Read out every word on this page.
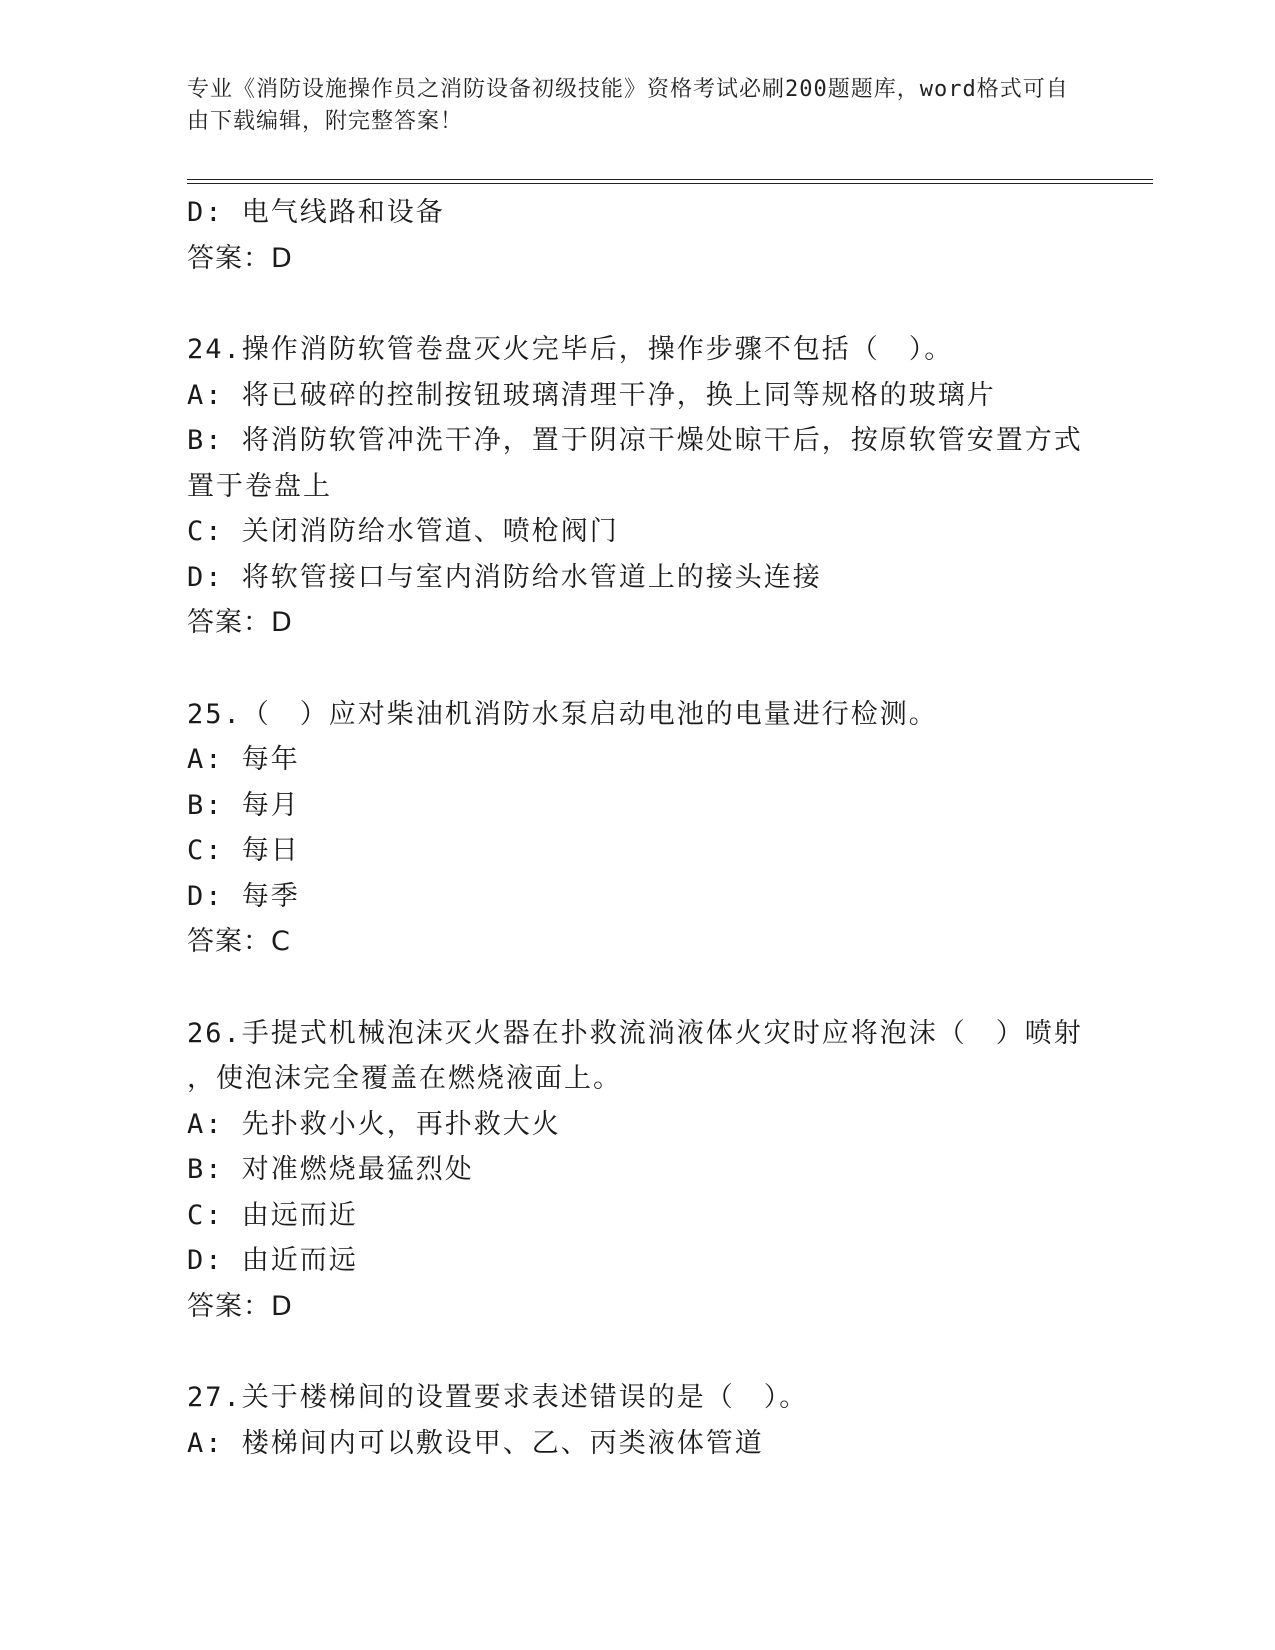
专业《消防设施操作员之消防设备初级技能》资格考试必刷200题题库，word格式可自由下载编辑，附完整答案！
D: 电气线路和设备
答案：D
24.操作消防软管卷盘灭火完毕后，操作步骤不包括（　）。
A: 将已破碎的控制按钮玻璃清理干净，换上同等规格的玻璃片
B: 将消防软管冲洗干净，置于阴凉干燥处晾干后，按原软管安置方式
置于卷盘上
C: 关闭消防给水管道、喷枪阀门
D: 将软管接口与室内消防给水管道上的接头连接
答案：D
25.（　）应对柴油机消防水泵启动电池的电量进行检测。
A: 每年
B: 每月
C: 每日
D: 每季
答案：C
26.手提式机械泡沫灭火器在扑救流淌液体火灾时应将泡沫（　）喷射
，使泡沫完全覆盖在燃烧液面上。
A: 先扑救小火，再扑救大火
B: 对准燃烧最猛烈处
C: 由远而近
D: 由近而远
答案：D
27.关于楼梯间的设置要求表述错误的是（　）。
A: 楼梯间内可以敷设甲、乙、丙类液体管道
